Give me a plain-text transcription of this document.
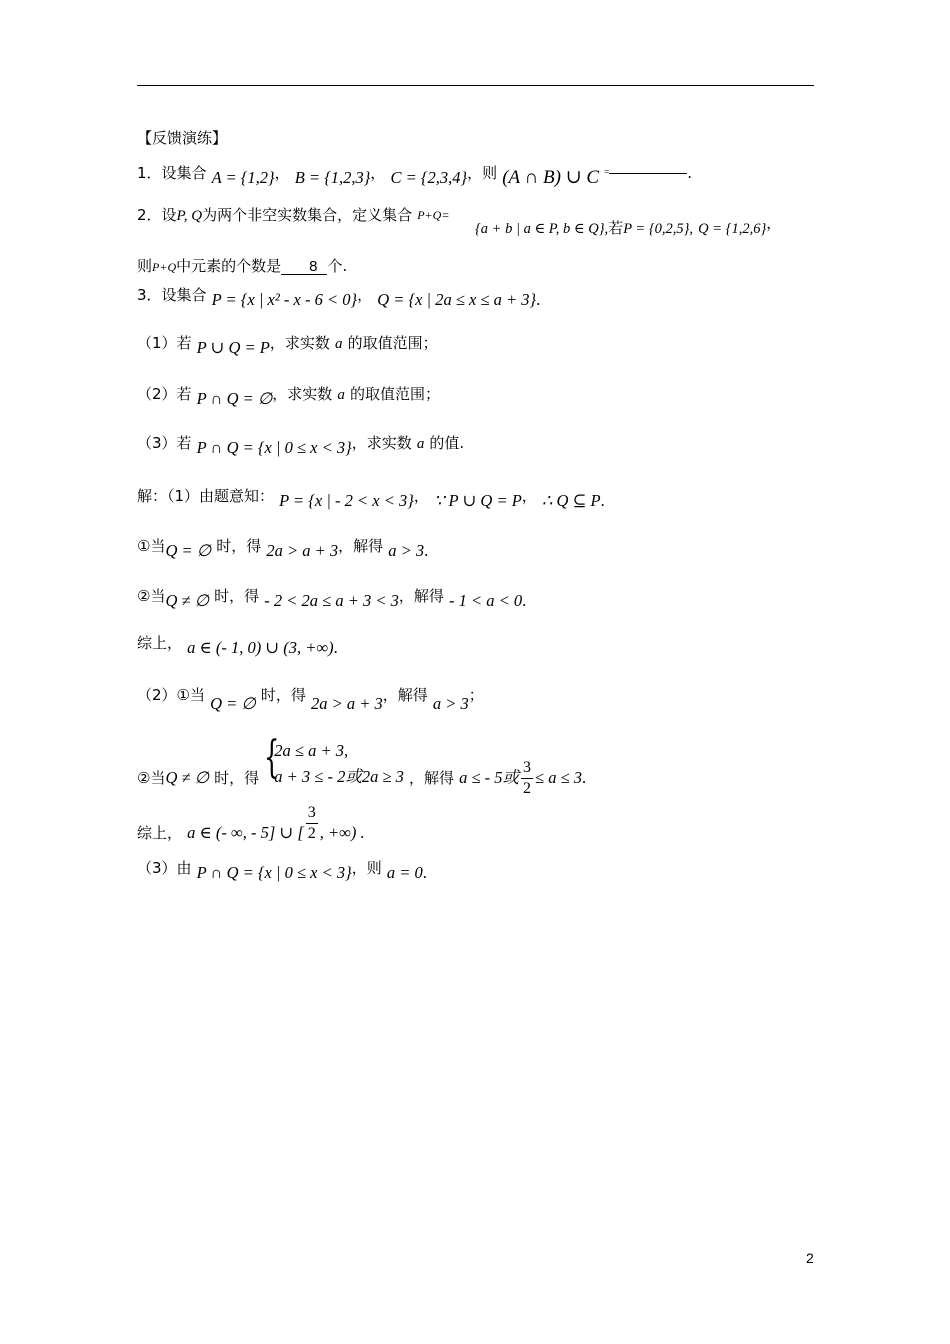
【反馈演练】
1．设集合 A = {1,2}， B = {1,2,3}， C = {2,3,4}，则 (A ∩ B) ∪ C =	.
2．设P, Q为两个非空实数集合，定义集合 $^{P+Q=}$
{a + b | a ∈ P, b ∈ Q},若P = {0,2,5}, Q = {1,2,6}，
则P+Q中元素的个数是 8 个.
3．设集合 P = {x | x² - x - 6 < 0}， Q = {x | 2a ≤ x ≤ a + 3}.
（1）若 P ∪ Q = P，求实数 a 的取值范围；
（2）若 P ∩ Q = ∅，求实数 a 的取值范围；
（3）若 P ∩ Q = {x | 0 ≤ x < 3}，求实数 a 的值.
解：（1）由题意知： P = {x | - 2 < x < 3}， ∵ P ∪ Q = P， ∴ Q ⊆ P.
①当Q = ∅ 时，得 2a > a + 3，解得 a > 3.
②当Q ≠ ∅ 时，得 - 2 < 2a ≤ a + 3 < 3，解得 - 1 < a < 0.
综上， a ∈ (- 1, 0) ∪ (3, +∞).
（2）①当 Q = ∅ 时，得 2a > a + 3，解得 a > 3；
②当Q ≠ ∅ 时，得 {
2a ≤ a + 3,
a + 3 ≤ - 2或2a ≥ 3 ，解得 a ≤ - 5或 $\frac{3}{2} \le a \le 3$.
综上， a ∈ (- ∞, - 5] ∪ [ $\frac{3}{2}$ , +∞) .
（3）由 P ∩ Q = {x | 0 ≤ x < 3}，则 a = 0.
2
